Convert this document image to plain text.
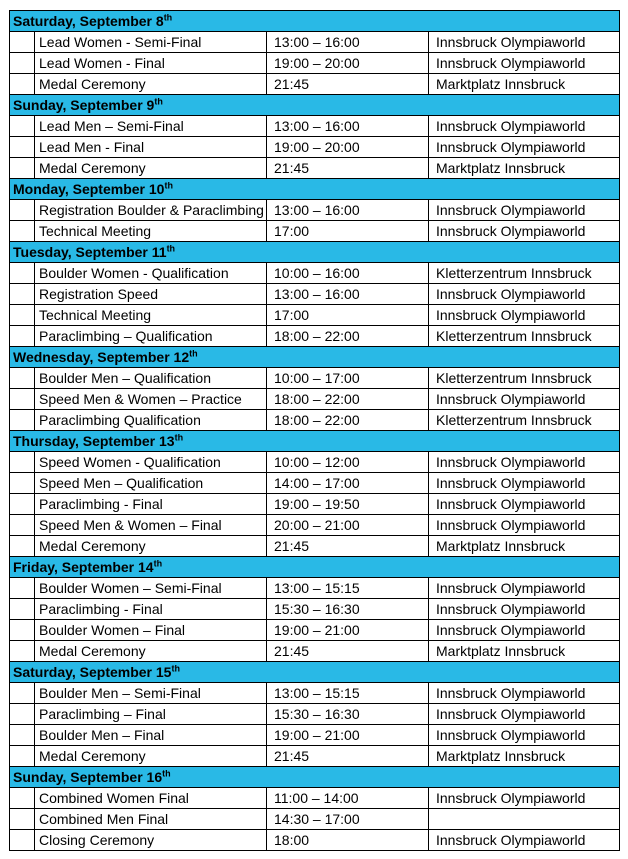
Saturday, September 8th
	Lead Women - Semi-Final	13:00 – 16:00	Innsbruck Olympiaworld
	Lead Women - Final	19:00 – 20:00	Innsbruck Olympiaworld
	Medal Ceremony	21:45	Marktplatz Innsbruck
Sunday, September 9th
	Lead Men – Semi-Final	13:00 – 16:00	Innsbruck Olympiaworld
	Lead Men - Final	19:00 – 20:00	Innsbruck Olympiaworld
	Medal Ceremony	21:45	Marktplatz Innsbruck
Monday, September 10th
	Registration Boulder & Paraclimbing	13:00 – 16:00	Innsbruck Olympiaworld
	Technical Meeting	17:00	Innsbruck Olympiaworld
Tuesday, September 11th
	Boulder Women - Qualification	10:00 – 16:00	Kletterzentrum Innsbruck
	Registration Speed	13:00 – 16:00	Innsbruck Olympiaworld
	Technical Meeting	17:00	Innsbruck Olympiaworld
	Paraclimbing – Qualification	18:00 – 22:00	Kletterzentrum Innsbruck
Wednesday, September 12th
	Boulder Men – Qualification	10:00 – 17:00	Kletterzentrum Innsbruck
	Speed Men & Women – Practice	18:00 – 22:00	Innsbruck Olympiaworld
	Paraclimbing Qualification	18:00 – 22:00	Kletterzentrum Innsbruck
Thursday, September 13th
	Speed Women - Qualification	10:00 – 12:00	Innsbruck Olympiaworld
	Speed Men – Qualification	14:00 – 17:00	Innsbruck Olympiaworld
	Paraclimbing - Final	19:00 – 19:50	Innsbruck Olympiaworld
	Speed Men & Women – Final	20:00 – 21:00	Innsbruck Olympiaworld
	Medal Ceremony	21:45	Marktplatz Innsbruck
Friday, September 14th
	Boulder Women – Semi-Final	13:00 – 15:15	Innsbruck Olympiaworld
	Paraclimbing - Final	15:30 – 16:30	Innsbruck Olympiaworld
	Boulder Women – Final	19:00 – 21:00	Innsbruck Olympiaworld
	Medal Ceremony	21:45	Marktplatz Innsbruck
Saturday, September 15th
	Boulder Men – Semi-Final	13:00 – 15:15	Innsbruck Olympiaworld
	Paraclimbing – Final	15:30 – 16:30	Innsbruck Olympiaworld
	Boulder Men – Final	19:00 – 21:00	Innsbruck Olympiaworld
	Medal Ceremony	21:45	Marktplatz Innsbruck
Sunday, September 16th
	Combined Women Final	11:00 – 14:00	Innsbruck Olympiaworld
	Combined Men Final	14:30 – 17:00	
	Closing Ceremony	18:00	Innsbruck Olympiaworld
